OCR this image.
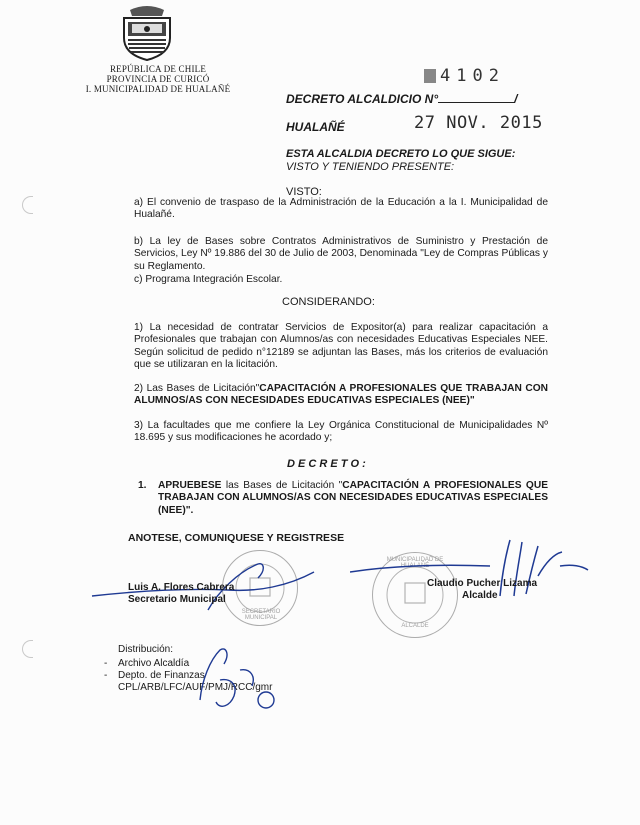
REPÚBLICA DE CHILE
PROVINCIA DE CURICÓ
I. MUNICIPALIDAD DE HUALAÑÉ
4102
DECRETO ALCALDICIO N°	/
HUALAÑÉ	27 NOV. 2015
ESTA ALCALDIA DECRETO LO QUE SIGUE:
VISTO Y TENIENDO PRESENTE:
VISTO:
a) El convenio de traspaso de la Administración de la Educación a la I. Municipalidad de Hualañé.
b) La ley de Bases sobre Contratos Administrativos de Suministro y Prestación de Servicios, Ley Nº 19.886 del 30 de Julio de 2003, Denominada "Ley de Compras Públicas y su Reglamento.
c) Programa Integración Escolar.
CONSIDERANDO:
1) La necesidad de contratar Servicios de Expositor(a) para realizar capacitación a Profesionales que trabajan con Alumnos/as con necesidades Educativas Especiales NEE. Según solicitud de pedido n°12189 se adjuntan las Bases, más los criterios de evaluación que se utilizaran en la licitación.
2) Las Bases de Licitación"CAPACITACIÓN A PROFESIONALES QUE TRABAJAN CON ALUMNOS/AS CON NECESIDADES EDUCATIVAS ESPECIALES (NEE)"
3) La facultades que me confiere la Ley Orgánica Constitucional de Municipalidades Nº 18.695 y sus modificaciones he acordado y;
D E C R E T O :
1.	APRUEBESE las Bases de Licitación "CAPACITACIÓN A PROFESIONALES QUE TRABAJAN CON ALUMNOS/AS CON NECESIDADES EDUCATIVAS ESPECIALES (NEE)".
ANOTESE, COMUNIQUESE Y REGISTRESE
SECRETARIO MUNICIPAL
MUNICIPALIDAD DE HUALAÑÉ
ALCALDE
Luis A. Flores Cabrera
Secretario Municipal
Claudio Pucher Lizama
Alcalde
Distribución:
- Archivo Alcaldía
- Depto. de Finanzas
CPL/ARB/LFC/AUF/PMJ/RCC/gmr
